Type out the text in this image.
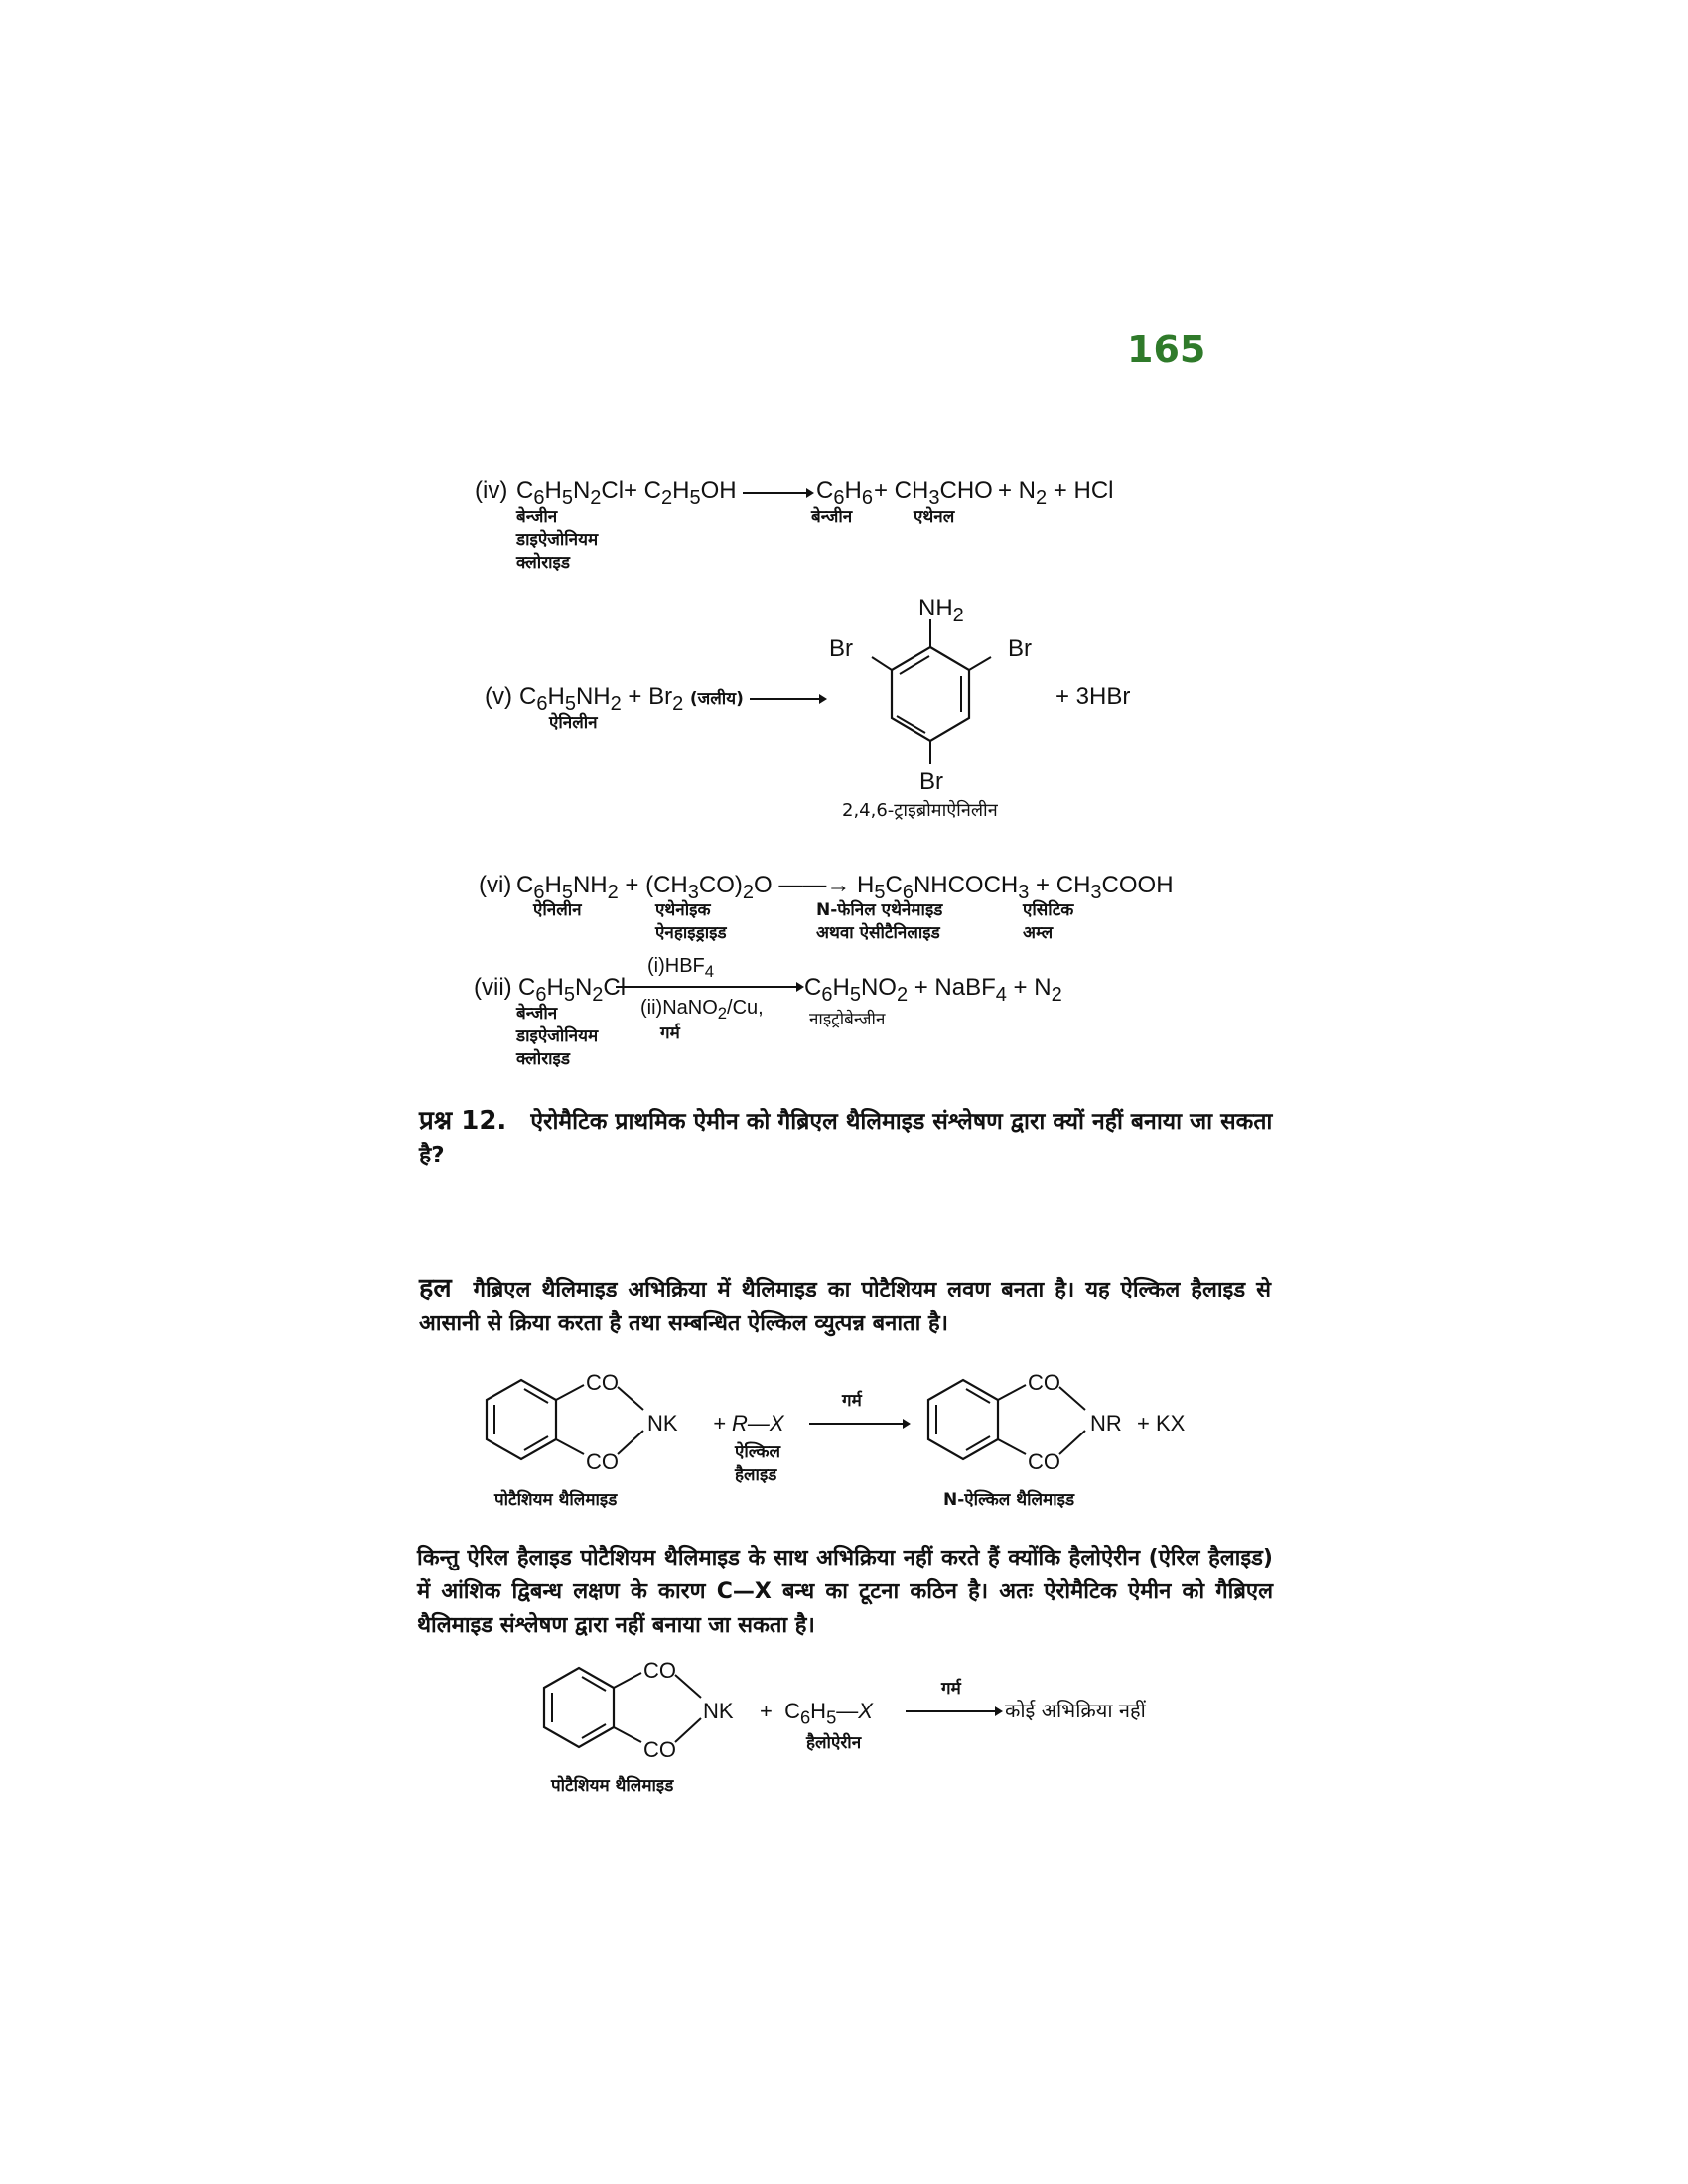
165
(iv) $C_6H_5N_2Cl + C_2H_5OH$	$C_6H_6 + CH_3CHO + N_2$ + HCl
बेन्जीन
डाइऐजोनियम
क्लोराइड
बेन्जीन	एथेनल
(v) $C_6H_5NH_2 + Br_2$ (जलीय)
ऐनिलीन
$NH_2$
Br	Br
Br
+ 3HBr
2,4,6-ट्राइब्रोमाऐनिलीन
(vi) $C_6H_5NH_2 + (CH_3CO)_2O$ ——→ $H_5C_6NHCOCH_3$ + $CH_3COOH$
ऐनिलीन	एथेनोइक
ऐनहाइड्राइड
N-फेनिल एथेनेमाइड
अथवा ऐसीटैनिलाइड
एसिटिक
अम्ल
(vii) $C_6H_5N_2Cl$
$(i)HBF_4$
(ii)NaNO$_2$/Cu,
गर्म
$C_6H_5NO_2$ + NaBF$_4$ + $N_2$
बेन्जीन
डाइऐजोनियम
क्लोराइड
नाइट्रोबेन्जीन
प्रश्न 12. ऐरोमैटिक प्राथमिक ऐमीन को गैब्रिएल थैलिमाइड संश्लेषण द्वारा क्यों नहीं बनाया जा सकता है?
हल गैब्रिएल थैलिमाइड अभिक्रिया में थैलिमाइड का पोटैशियम लवण बनता है। यह ऐल्किल हैलाइड से आसानी से क्रिया करता है तथा सम्बन्धित ऐल्किल व्युत्पन्न बनाता है।
CO
CO
NK + R—X
ऐल्किल
हैलाइड
गर्म
CO
CO
NR + KX
पोटैशियम थैलिमाइड	N-ऐल्किल थैलिमाइड
किन्तु ऐरिल हैलाइड पोटैशियम थैलिमाइड के साथ अभिक्रिया नहीं करते हैं क्योंकि हैलोऐरीन (ऐरिल हैलाइड) में आंशिक द्विबन्ध लक्षण के कारण C—X बन्ध का टूटना कठिन है। अतः ऐरोमैटिक ऐमीन को गैब्रिएल थैलिमाइड संश्लेषण द्वारा नहीं बनाया जा सकता है।
CO
CO
NK +  $C_6H_5—X$
हैलोऐरीन
गर्म
कोई अभिक्रिया नहीं
पोटैशियम थैलिमाइड
